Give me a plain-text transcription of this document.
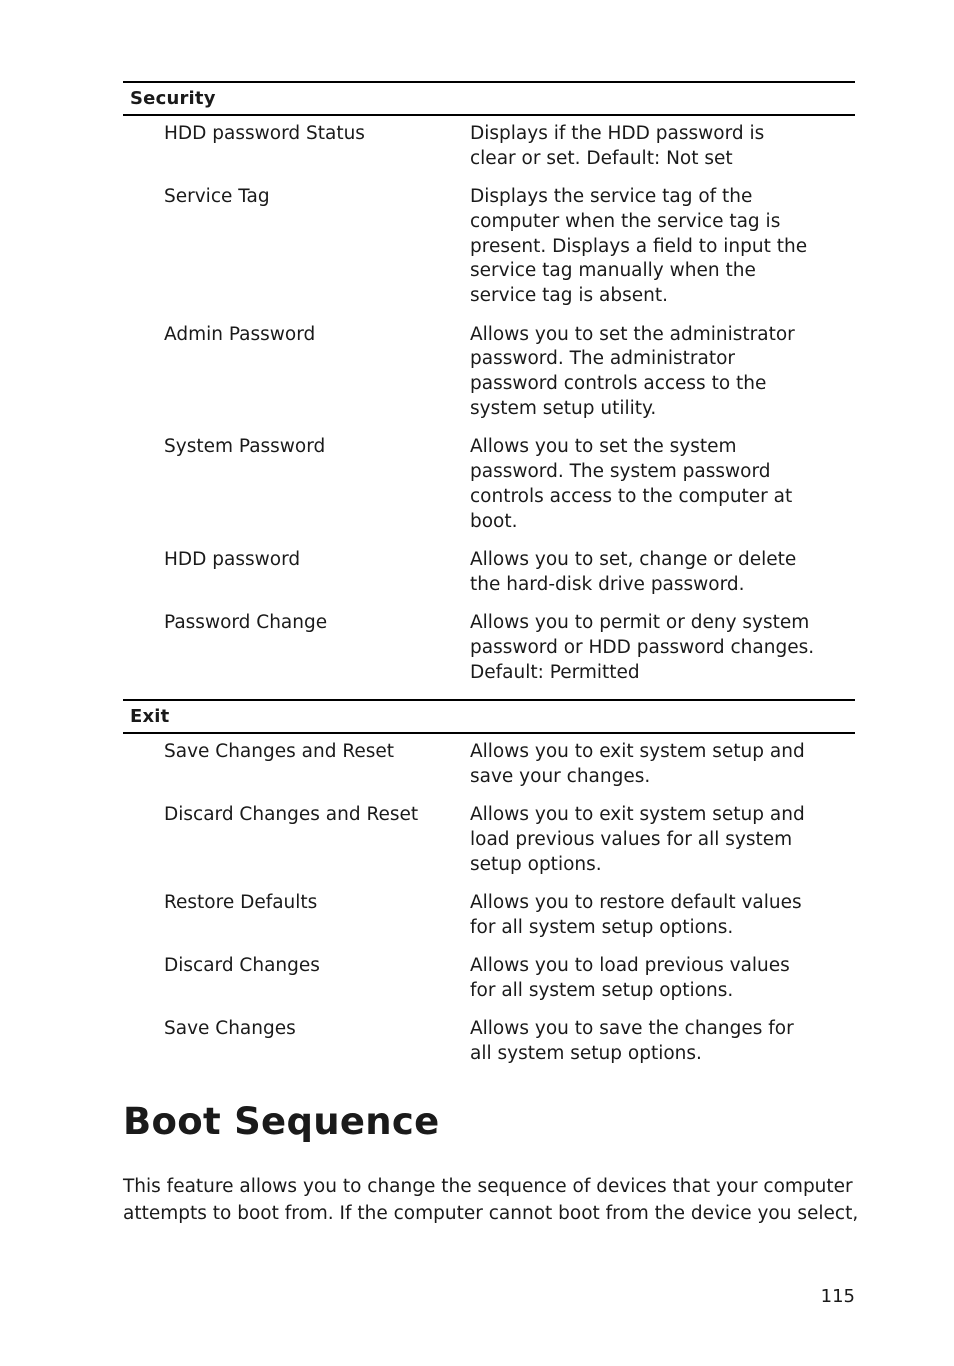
Security
HDD password Status	Displays if the HDD password is clear or set. Default: Not set
Service Tag	Displays the service tag of the computer when the service tag is present. Displays a field to input the service tag manually when the service tag is absent.
Admin Password	Allows you to set the administrator password. The administrator password controls access to the system setup utility.
System Password	Allows you to set the system password. The system password controls access to the computer at boot.
HDD password	Allows you to set, change or delete the hard-disk drive password.
Password Change	Allows you to permit or deny system password or HDD password changes. Default: Permitted
Exit
Save Changes and Reset	Allows you to exit system setup and save your changes.
Discard Changes and Reset	Allows you to exit system setup and load previous values for all system setup options.
Restore Defaults	Allows you to restore default values for all system setup options.
Discard Changes	Allows you to load previous values for all system setup options.
Save Changes	Allows you to save the changes for all system setup options.
Boot Sequence

This feature allows you to change the sequence of devices that your computer attempts to boot from. If the computer cannot boot from the device you select,

115
